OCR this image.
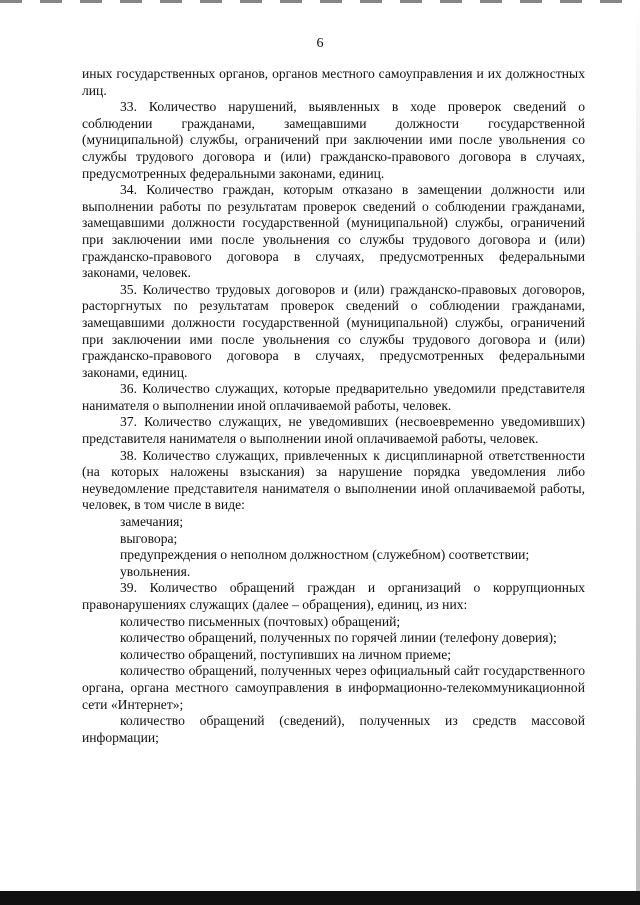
6

иных государственных органов, органов местного самоуправления и их должностных лиц.

33. Количество нарушений, выявленных в ходе проверок сведений о соблюдении гражданами, замещавшими должности государственной (муниципальной) службы, ограничений при заключении ими после увольнения со службы трудового договора и (или) гражданско-правового договора в случаях, предусмотренных федеральными законами, единиц.

34. Количество граждан, которым отказано в замещении должности или выполнении работы по результатам проверок сведений о соблюдении гражданами, замещавшими должности государственной (муниципальной) службы, ограничений при заключении ими после увольнения со службы трудового договора и (или) гражданско-правового договора в случаях, предусмотренных федеральными законами, человек.

35. Количество трудовых договоров и (или) гражданско-правовых договоров, расторгнутых по результатам проверок сведений о соблюдении гражданами, замещавшими должности государственной (муниципальной) службы, ограничений при заключении ими после увольнения со службы трудового договора и (или) гражданско-правового договора в случаях, предусмотренных федеральными законами, единиц.

36. Количество служащих, которые предварительно уведомили представителя нанимателя о выполнении иной оплачиваемой работы, человек.

37. Количество служащих, не уведомивших (несвоевременно уведомивших) представителя нанимателя о выполнении иной оплачиваемой работы, человек.

38. Количество служащих, привлеченных к дисциплинарной ответственности (на которых наложены взыскания) за нарушение порядка уведомления либо неуведомление представителя нанимателя о выполнении иной оплачиваемой работы, человек, в том числе в виде:

замечания;

выговора;

предупреждения о неполном должностном (служебном) соответствии;

увольнения.

39. Количество обращений граждан и организаций о коррупционных правонарушениях служащих (далее – обращения), единиц, из них:

количество письменных (почтовых) обращений;

количество обращений, полученных по горячей линии (телефону доверия);

количество обращений, поступивших на личном приеме;

количество обращений, полученных через официальный сайт государственного органа, органа местного самоуправления в информационно-телекоммуникационной сети «Интернет»;

количество обращений (сведений), полученных из средств массовой информации;
